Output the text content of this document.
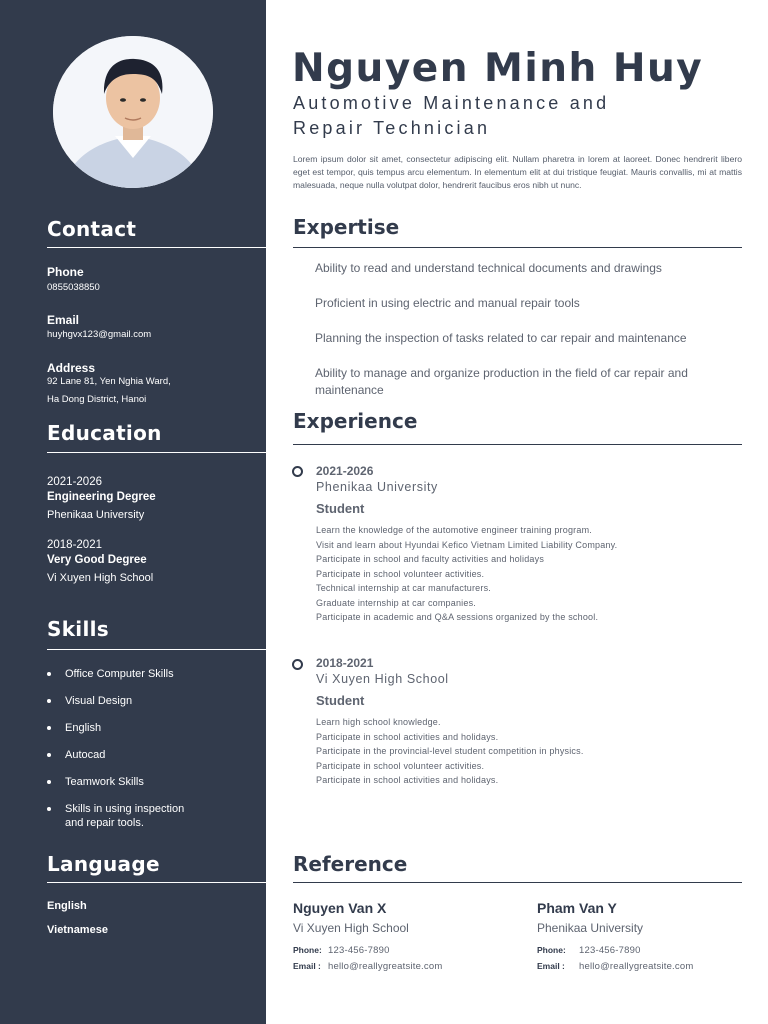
Contact
Phone
0855038850
Email
huyhgvx123@gmail.com
Address
92 Lane 81, Yen Nghia Ward,
Ha Dong District, Hanoi
Education
2021-2026
Engineering Degree
Phenikaa University
2018-2021
Very Good Degree
Vi Xuyen High School
Skills
Office Computer Skills
Visual Design
English
Autocad
Teamwork Skills
Skills in using inspection and repair tools.
Language
English
Vietnamese
Nguyen Minh Huy
Automotive Maintenance and
Repair Technician
Lorem ipsum dolor sit amet, consectetur adipiscing elit. Nullam pharetra in lorem at laoreet. Donec hendrerit libero eget est tempor, quis tempus arcu elementum. In elementum elit at dui tristique feugiat. Mauris convallis, mi at mattis malesuada, neque nulla volutpat dolor, hendrerit faucibus eros nibh ut nunc.
Expertise
Ability to read and understand technical documents and drawings
Proficient in using electric and manual repair tools
Planning the inspection of tasks related to car repair and maintenance
Ability to manage and organize production in the field of car repair and maintenance
Experience
2021-2026
Phenikaa University
Student
Learn the knowledge of the automotive engineer training program.
Visit and learn about Hyundai Kefico Vietnam Limited Liability Company.
Participate in school and faculty activities and holidays
Participate in school volunteer activities.
Technical internship at car manufacturers.
Graduate internship at car companies.
Participate in academic and Q&A sessions organized by the school.
2018-2021
Vi Xuyen High School
Student
Learn high school knowledge.
Participate in school activities and holidays.
Participate in the provincial-level student competition in physics.
Participate in school volunteer activities.
Participate in school activities and holidays.
Reference
Nguyen Van X
Vi Xuyen High School
Phone: 123-456-7890
Email : hello@reallygreatsite.com
Pham Van Y
Phenikaa University
Phone: 123-456-7890
Email : hello@reallygreatsite.com
